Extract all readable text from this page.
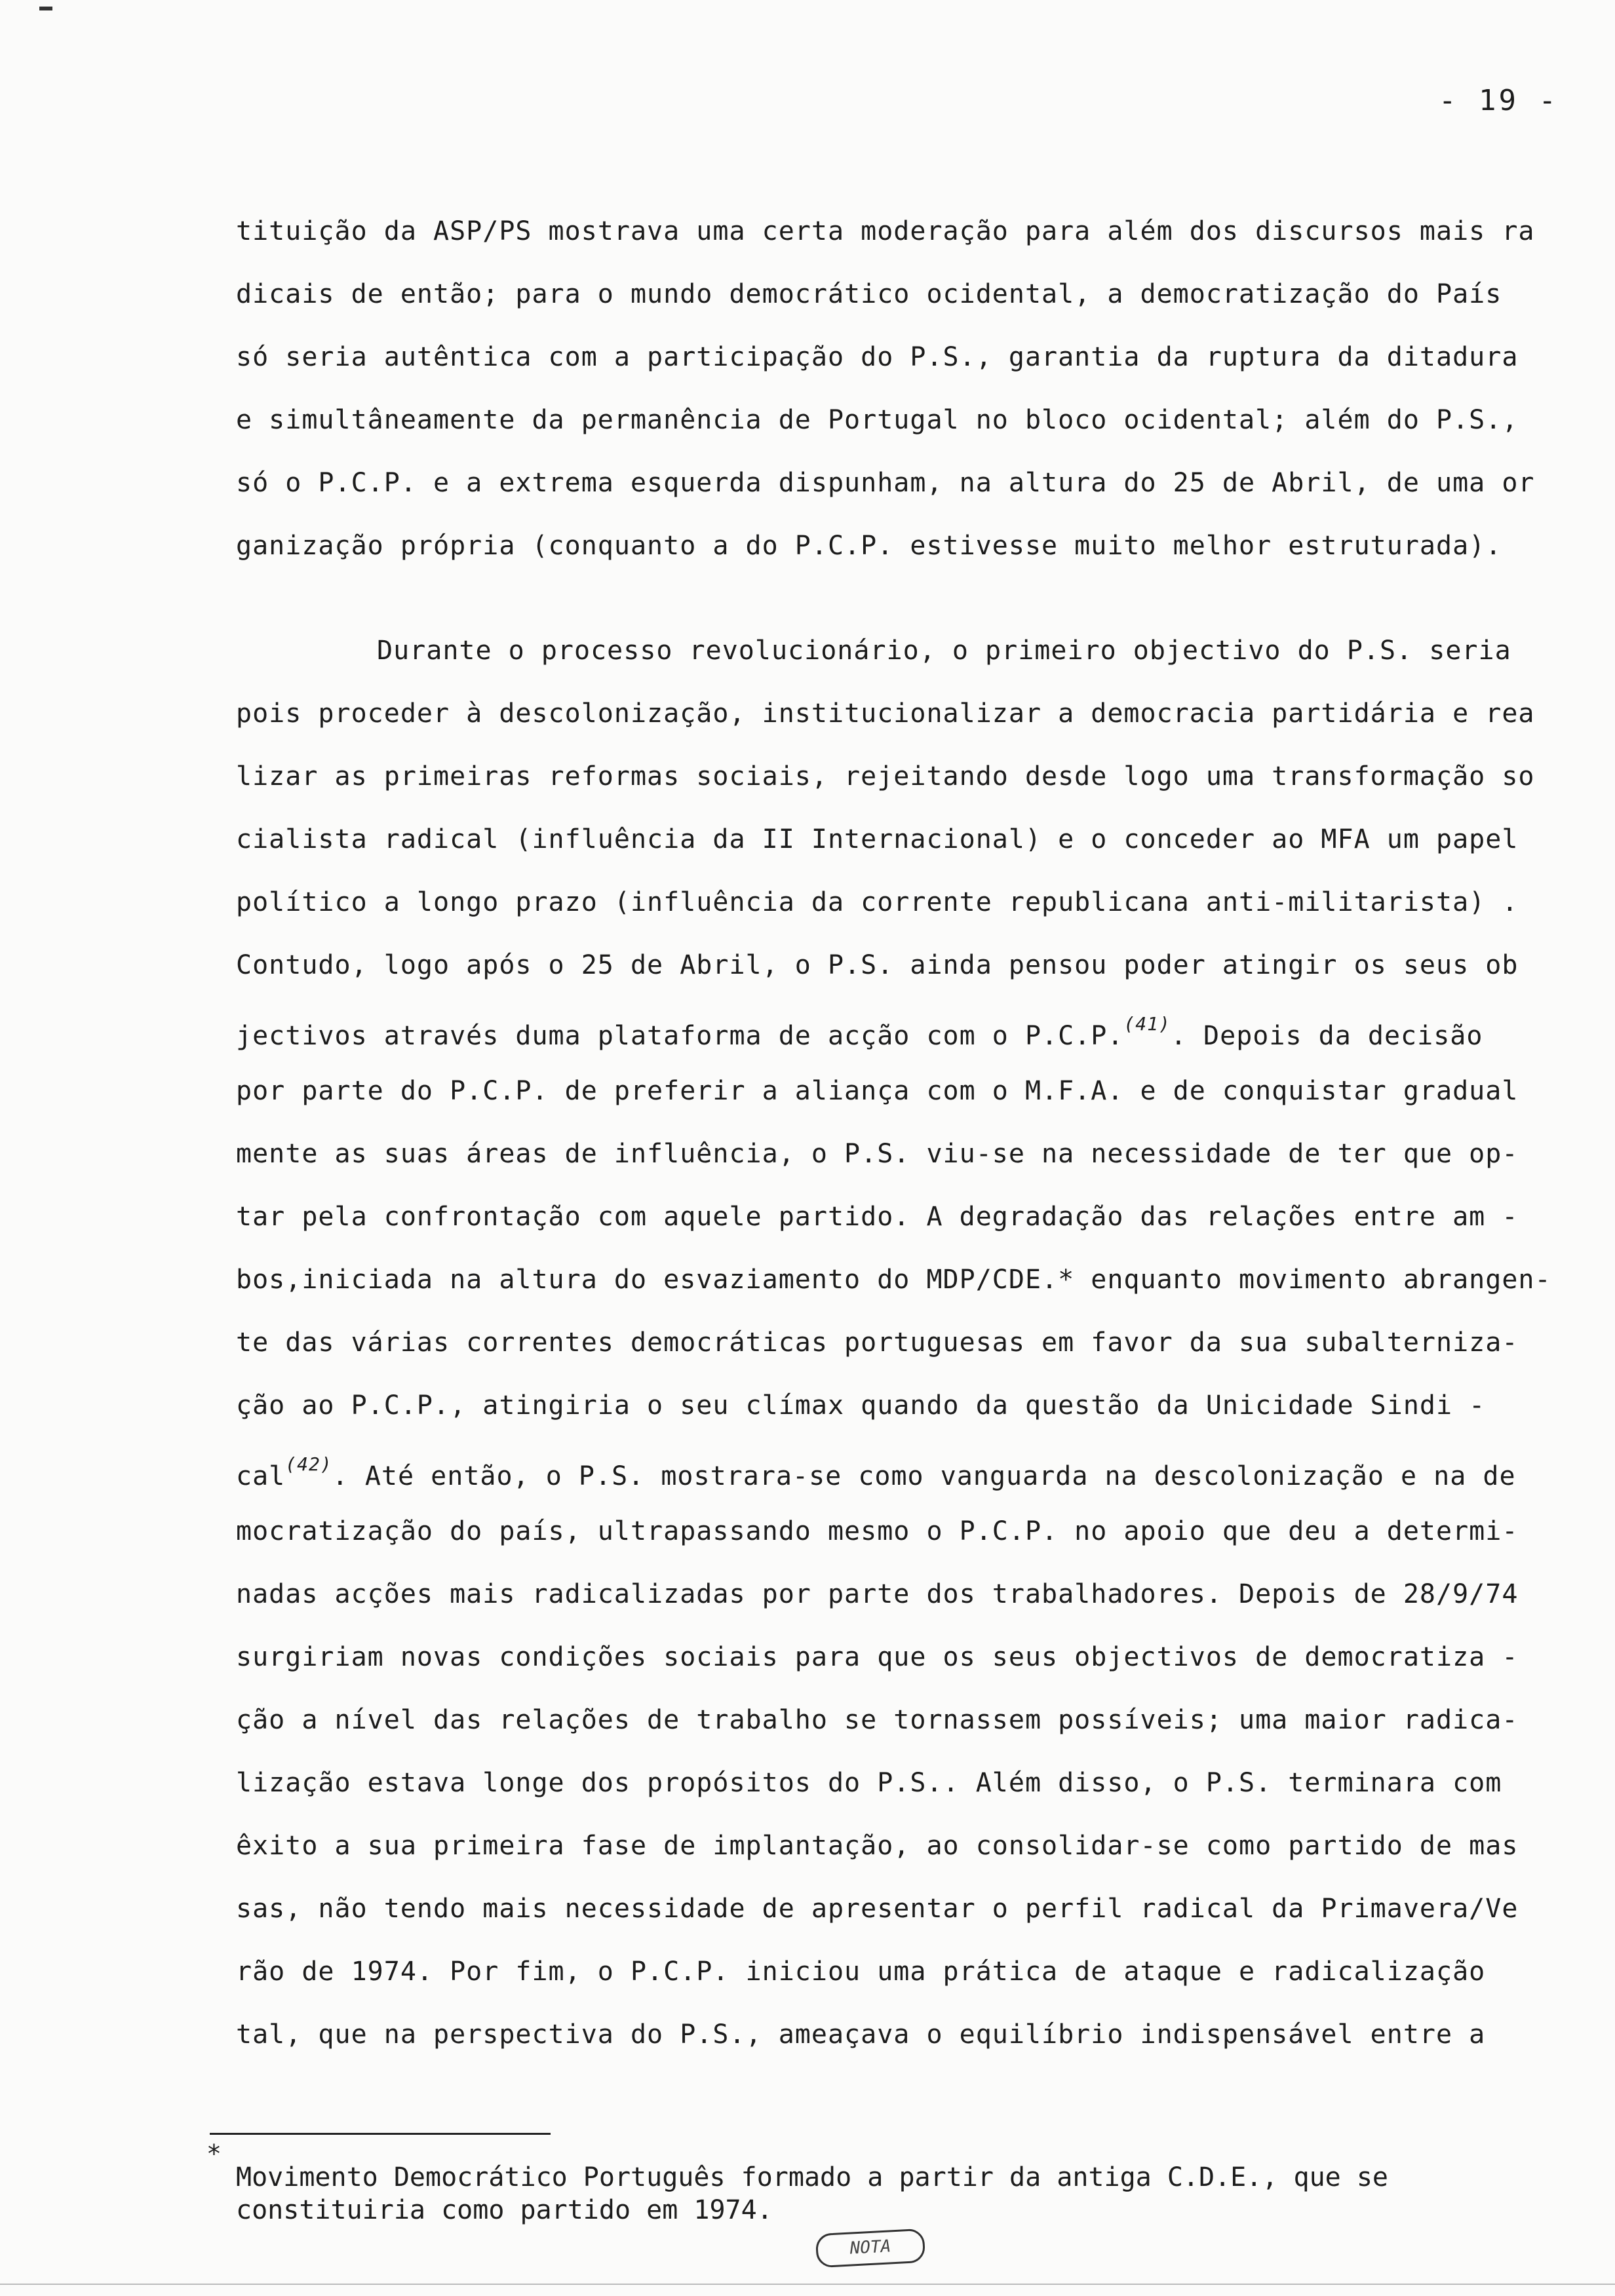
- 19 -
tituição da ASP/PS mostrava uma certa moderação para além dos discursos mais ra
dicais de então; para o mundo democrático ocidental, a democratização do País
só seria autêntica com a participação do P.S., garantia da ruptura da ditadura
e simultâneamente da permanência de Portugal no bloco ocidental; além do P.S.,
só o P.C.P. e a extrema esquerda dispunham, na altura do 25 de Abril, de uma or
ganização própria (conquanto a do P.C.P. estivesse muito melhor estruturada).
Durante o processo revolucionário, o primeiro objectivo do P.S. seria
pois proceder à descolonização, institucionalizar a democracia partidária e rea
lizar as primeiras reformas sociais, rejeitando desde logo uma transformação so
cialista radical (influência da II Internacional) e o conceder ao MFA um papel
político a longo prazo (influência da corrente republicana anti-militarista) .
Contudo, logo após o 25 de Abril, o P.S. ainda pensou poder atingir os seus ob
jectivos através duma plataforma de acção com o P.C.P.$^{(41)}$. Depois da decisão
por parte do P.C.P. de preferir a aliança com o M.F.A. e de conquistar gradual
mente as suas áreas de influência, o P.S. viu-se na necessidade de ter que op-
tar pela confrontação com aquele partido. A degradação das relações entre am -
bos,iniciada na altura do esvaziamento do MDP/CDE.* enquanto movimento abrangen-
te das várias correntes democráticas portuguesas em favor da sua subalterniza-
ção ao P.C.P., atingiria o seu clímax quando da questão da Unicidade Sindi -
cal$^{(42)}$. Até então, o P.S. mostrara-se como vanguarda na descolonização e na de
mocratização do país, ultrapassando mesmo o P.C.P. no apoio que deu a determi-
nadas acções mais radicalizadas por parte dos trabalhadores. Depois de 28/9/74
surgiriam novas condições sociais para que os seus objectivos de democratiza -
ção a nível das relações de trabalho se tornassem possíveis; uma maior radica-
lização estava longe dos propósitos do P.S.. Além disso, o P.S. terminara com
êxito a sua primeira fase de implantação, ao consolidar-se como partido de mas
sas, não tendo mais necessidade de apresentar o perfil radical da Primavera/Ve
rão de 1974. Por fim, o P.C.P. iniciou uma prática de ataque e radicalização
tal, que na perspectiva do P.S., ameaçava o equilíbrio indispensável entre a
*
Movimento Democrático Português formado a partir da antiga C.D.E., que se
constituiria como partido em 1974.
NOTA
